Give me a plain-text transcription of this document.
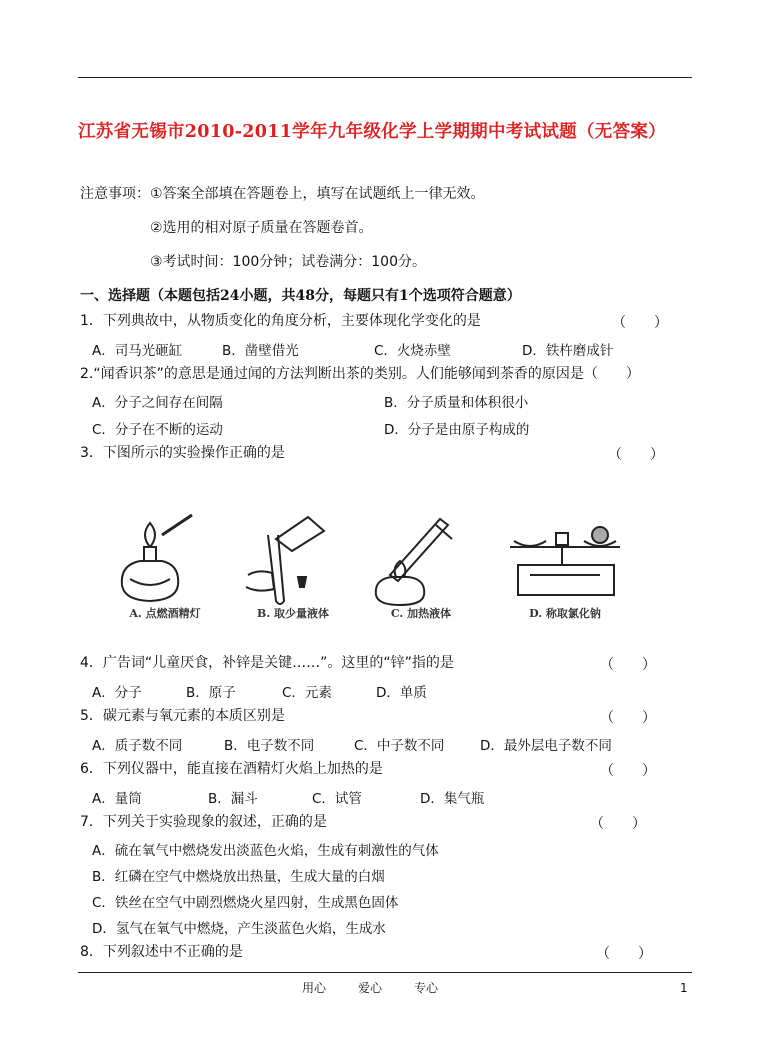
江苏省无锡市2010-2011学年九年级化学上学期期中考试试题（无答案）
注意事项： ①答案全部填在答题卷上，填写在试题纸上一律无效。
②选用的相对原子质量在答题卷首。
③考试时间：100分钟；试卷满分：100分。
一、选择题（本题包括24小题，共48分，每题只有1个选项符合题意）
1．下列典故中，从物质变化的角度分析，主要体现化学变化的是	（　　）
A．司马光砸缸	B．凿壁借光	C．火烧赤壁	D．铁杵磨成针
2.“闻香识茶”的意思是通过闻的方法判断出茶的类别。人们能够闻到茶香的原因是（　　）
A．分子之间存在间隔	B．分子质量和体积很小
C．分子在不断的运动	D．分子是由原子构成的
3．下图所示的实验操作正确的是	（　　）
A. 点燃酒精灯	B. 取少量液体	C. 加热液体	D. 称取氯化钠
4．广告词“儿童厌食，补锌是关键……”。这里的“锌”指的是	（　　）
A．分子	B．原子	C．元素	D．单质
5．碳元素与氧元素的本质区别是	（　　）
A．质子数不同	B．电子数不同	C．中子数不同	D．最外层电子数不同
6．下列仪器中，能直接在酒精灯火焰上加热的是	（　　）
A．量筒	B．漏斗	C．试管	D．集气瓶
7．下列关于实验现象的叙述，正确的是	（　　）
A．硫在氧气中燃烧发出淡蓝色火焰，生成有刺激性的气体
B．红磷在空气中燃烧放出热量，生成大量的白烟
C．铁丝在空气中剧烈燃烧火星四射，生成黑色固体
D．氢气在氧气中燃烧，产生淡蓝色火焰，生成水
8．下列叙述中不正确的是	（　　）
用心	爱心	专心	1
